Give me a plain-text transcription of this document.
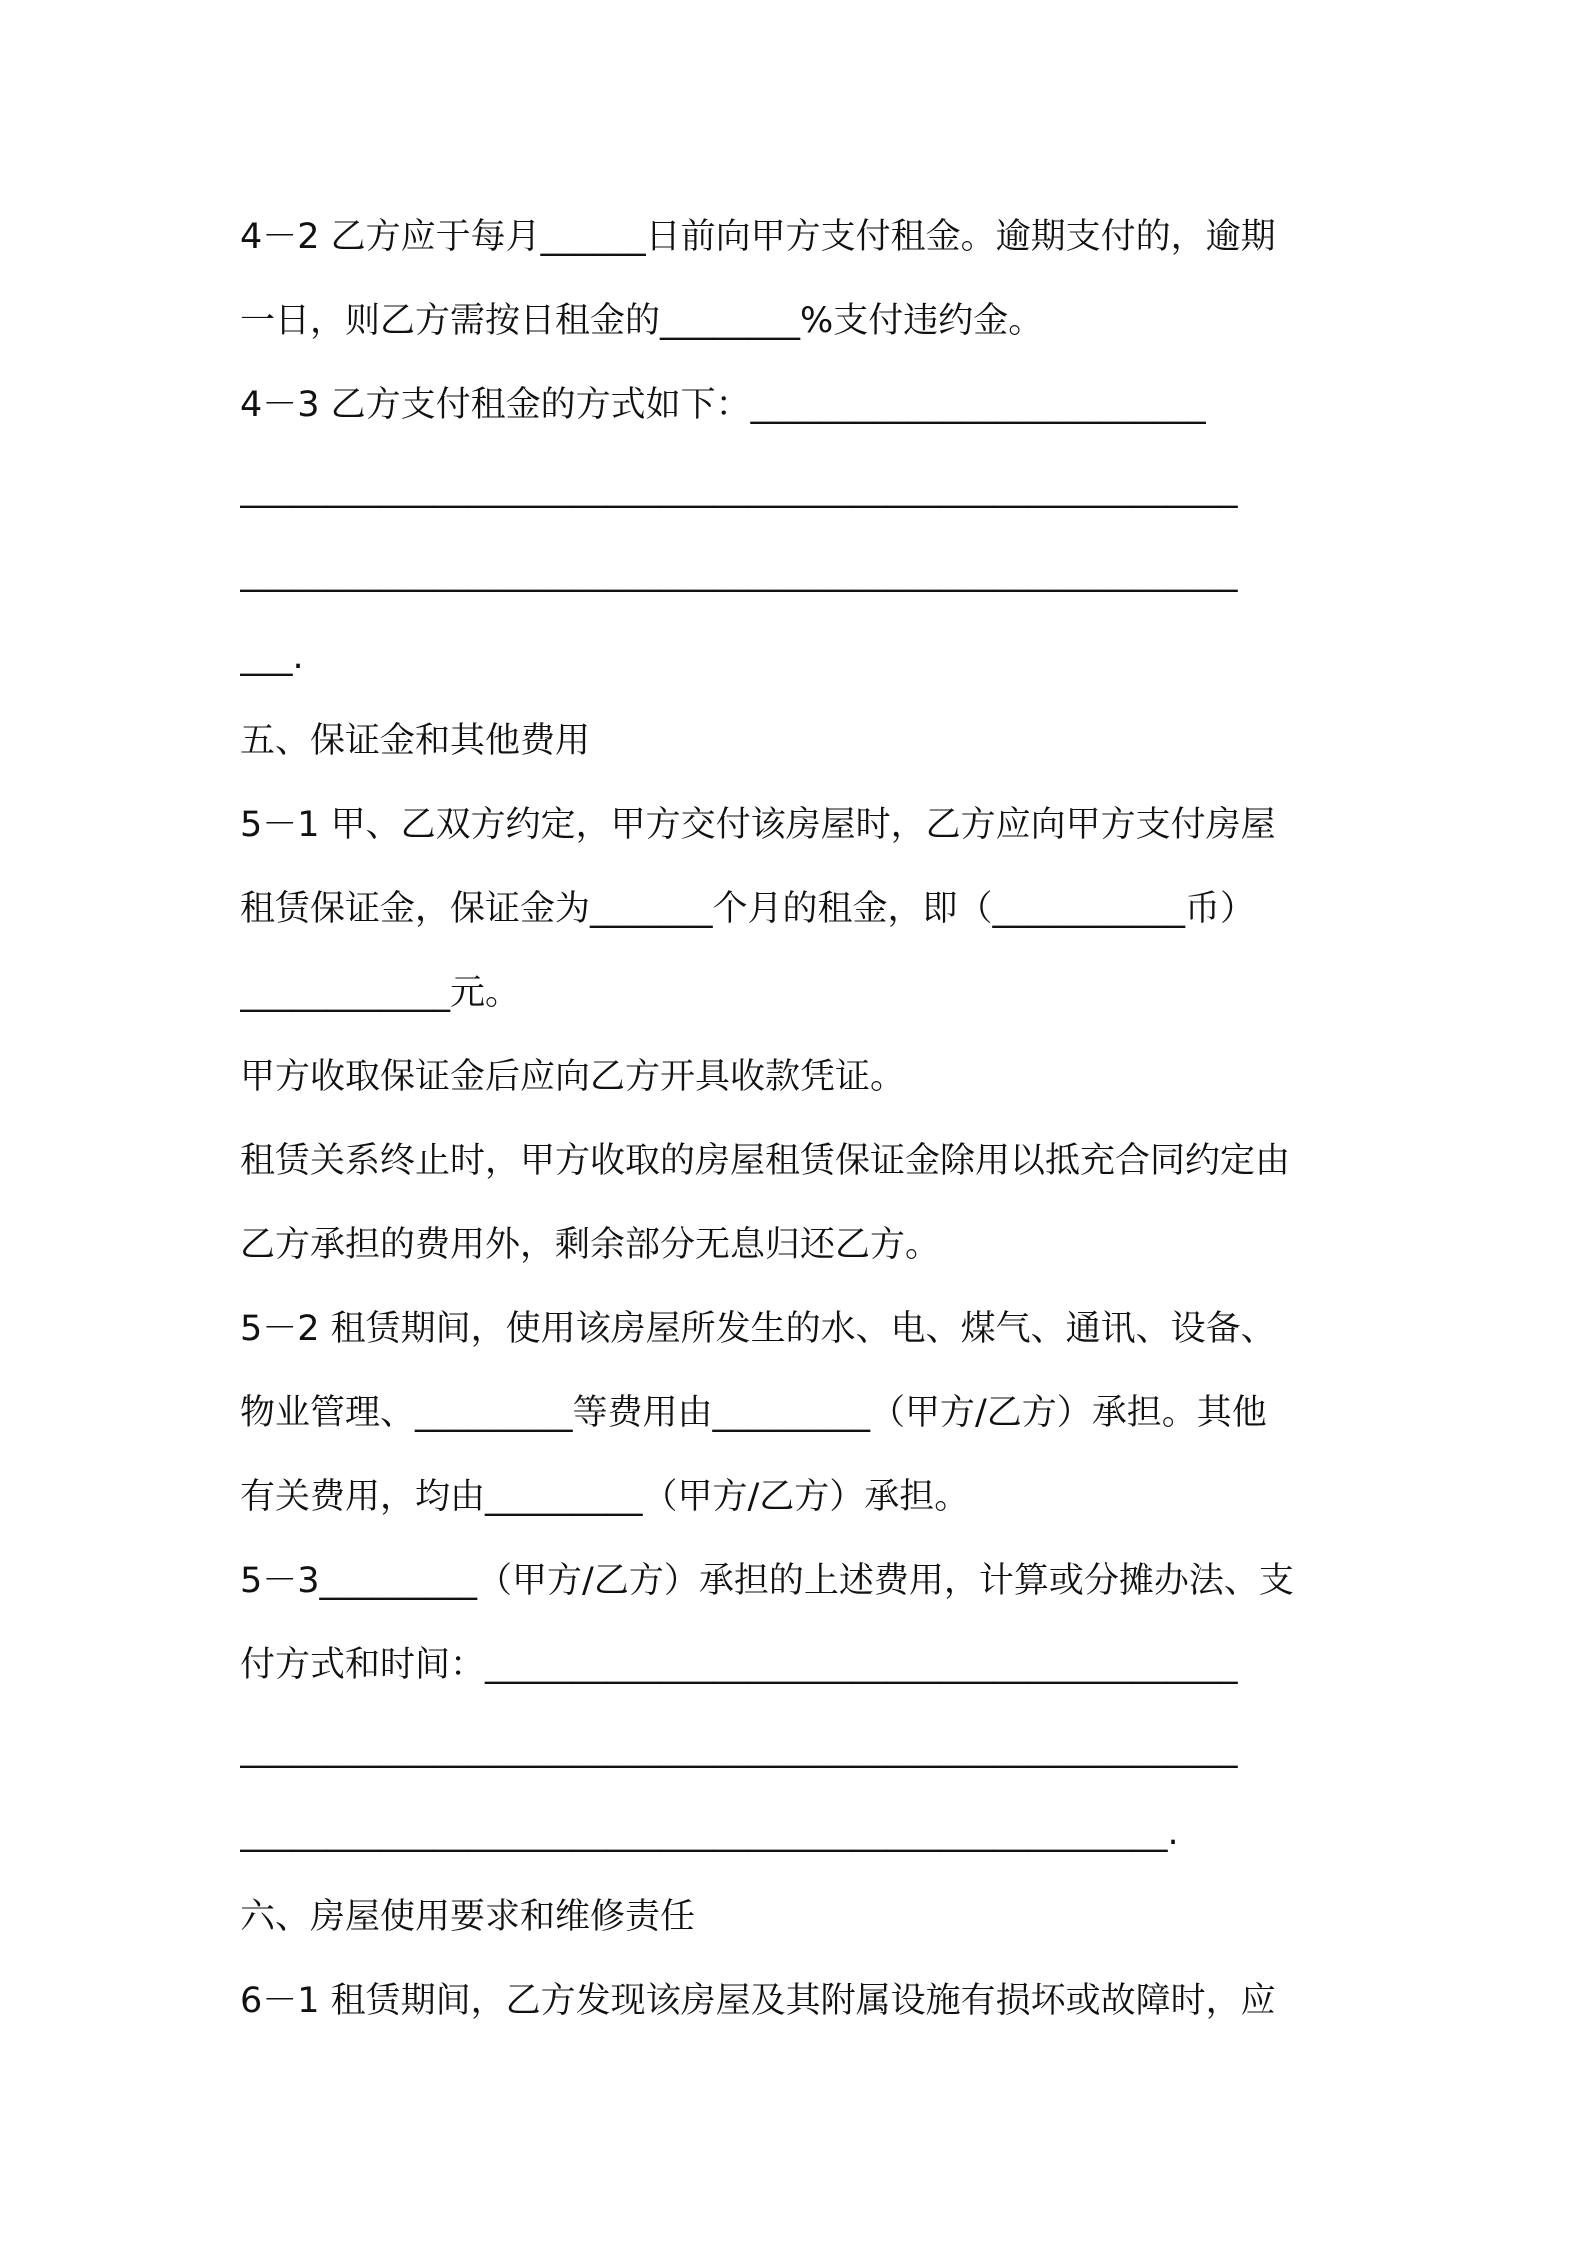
4－2 乙方应于每月______日前向甲方支付租金。逾期支付的，逾期

一日，则乙方需按日租金的________%支付违约金。

4－3 乙方支付租金的方式如下：__________________________

_________________________________________________________

_________________________________________________________

___.

五、保证金和其他费用

5－1 甲、乙双方约定，甲方交付该房屋时，乙方应向甲方支付房屋

租赁保证金，保证金为_______个月的租金，即（___________币）

____________元。

甲方收取保证金后应向乙方开具收款凭证。

租赁关系终止时，甲方收取的房屋租赁保证金除用以抵充合同约定由

乙方承担的费用外，剩余部分无息归还乙方。

5－2 租赁期间，使用该房屋所发生的水、电、煤气、通讯、设备、

物业管理、_________等费用由_________（甲方/乙方）承担。其他

有关费用，均由_________（甲方/乙方）承担。

5－3_________（甲方/乙方）承担的上述费用，计算或分摊办法、支

付方式和时间：___________________________________________

_________________________________________________________

_____________________________________________________.

六、房屋使用要求和维修责任

6－1 租赁期间，乙方发现该房屋及其附属设施有损坏或故障时，应
